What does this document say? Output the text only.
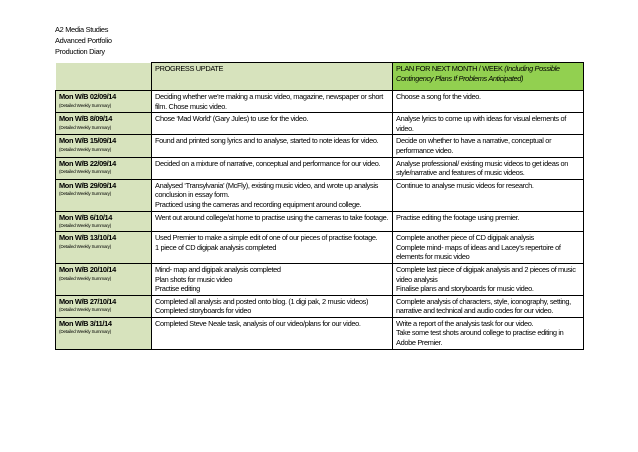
A2 Media Studies
Advanced Portfolio
Production Diary
	PROGRESS UPDATE	PLAN FOR NEXT MONTH / WEEK (Including Possible
Contingency Plans If Problems Anticipated)

Mon W/B 02/09/14
(Detailed Weekly Summary)	Deciding whether we’re making a music video, magazine, newspaper or short film. Chose music video.	Choose a song for the video.

Mon W/B 8/09/14
(Detailed Weekly Summary)	Chose ‘Mad World’ (Gary Jules) to use for the video.	Analyse lyrics to come up with ideas for visual elements of video.

Mon W/B 15/09/14
(Detailed Weekly Summary)	Found and printed song lyrics and to analyse, started to note ideas for video.	Decide on whether to have a narrative, conceptual or performance video.

Mon W/B 22/09/14
(Detailed Weekly Summary)	Decided on a mixture of narrative, conceptual and performance for our video.	Analyse professional/ existing music videos to get ideas on style/narrative and features of music videos.

Mon W/B 29/09/14
(Detailed Weekly Summary)	Analysed ‘Transylvania’ (McFly), existing music video, and wrote up analysis conclusion in essay form.
Practiced using the cameras and recording equipment around college.	Continue to analyse music videos for research.

Mon W/B 6/10/14
(Detailed Weekly Summary)	Went out around college/at home to practise using the cameras to take footage.	Practise editing the footage using premier.

Mon W/B 13/10/14
(Detailed Weekly Summary)	Used Premier to make a simple edit of one of our pieces of practise footage.
1 piece of CD digipak analysis completed	Complete another piece of CD digipak analysis
Complete mind- maps of ideas and Lacey’s repertoire of elements for music video

Mon W/B 20/10/14
(Detailed Weekly Summary)	Mind- map and digipak analysis completed
Plan shots for music video
Practise editing	Complete last piece of digipak analysis and 2 pieces of music video analysis
Finalise plans and storyboards for music video.

Mon W/B 27/10/14
(Detailed Weekly Summary)	Completed all analysis and posted onto blog. (1 digi pak, 2 music videos)
Completed storyboards for video	Complete analysis of characters, style, iconography, setting, narrative and technical and audio codes for our video.

Mon W/B 3/11/14
(Detailed Weekly Summary)	Completed Steve Neale task, analysis of our video/plans for our video.	Write a report of the analysis task for our video.
Take some test shots around college to practise editing in Adobe Premier.
